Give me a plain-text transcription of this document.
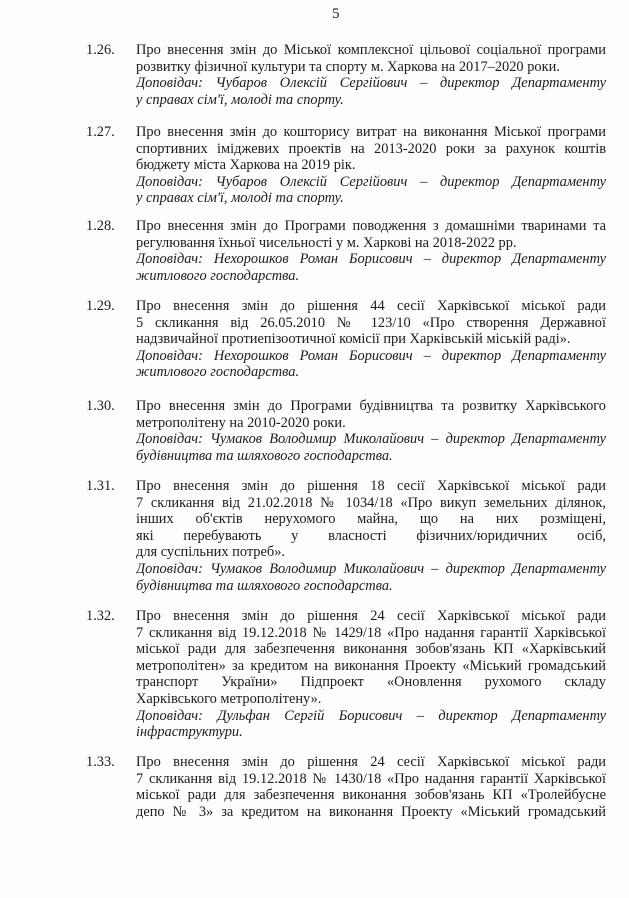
5
1.26. Про внесення змін до Міської комплексної цільової соціальної програми
розвитку фізичної культури та спорту м. Харкова на 2017–2020 роки.
Доповідач: Чубаров Олексій Сергійович – директор Департаменту
у справах сім'ї, молоді та спорту.
1.27. Про внесення змін до кошторису витрат на виконання Міської програми
спортивних іміджевих проектів на 2013-2020 роки за рахунок коштів
бюджету міста Харкова на 2019 рік.
Доповідач: Чубаров Олексій Сергійович – директор Департаменту
у справах сім'ї, молоді та спорту.
1.28. Про внесення змін до Програми поводження з домашніми тваринами та
регулювання їхньої чисельності у м. Харкові на 2018-2022 рр.
Доповідач: Нехорошков Роман Борисович – директор Департаменту
житлового господарства.
1.29. Про внесення змін до рішення 44 сесії Харківської міської ради
5 скликання від 26.05.2010 № 123/10 «Про створення Державної
надзвичайної протиепізоотичної комісії при Харківській міській раді».
Доповідач: Нехорошков Роман Борисович – директор Департаменту
житлового господарства.
1.30. Про внесення змін до Програми будівництва та розвитку Харківського
метрополітену на 2010-2020 роки.
Доповідач: Чумаков Володимир Миколайович – директор Департаменту
будівництва та шляхового господарства.
1.31. Про внесення змін до рішення 18 сесії Харківської міської ради
7 скликання від 21.02.2018 № 1034/18 «Про викуп земельних ділянок,
інших об'єктів нерухомого майна, що на них розміщені,
які перебувають у власності фізичних/юридичних осіб,
для суспільних потреб».
Доповідач: Чумаков Володимир Миколайович – директор Департаменту
будівництва та шляхового господарства.
1.32. Про внесення змін до рішення 24 сесії Харківської міської ради
7 скликання від 19.12.2018 № 1429/18 «Про надання гарантії Харківської
міської ради для забезпечення виконання зобов'язань КП «Харківський
метрополітен» за кредитом на виконання Проекту «Міський громадський
транспорт України» Підпроект «Оновлення рухомого складу
Харківського метрополітену».
Доповідач: Дульфан Сергій Борисович – директор Департаменту
інфраструктури.
1.33. Про внесення змін до рішення 24 сесії Харківської міської ради
7 скликання від 19.12.2018 № 1430/18 «Про надання гарантії Харківської
міської ради для забезпечення виконання зобов'язань КП «Тролейбусне
депо № 3» за кредитом на виконання Проекту «Міський громадський
